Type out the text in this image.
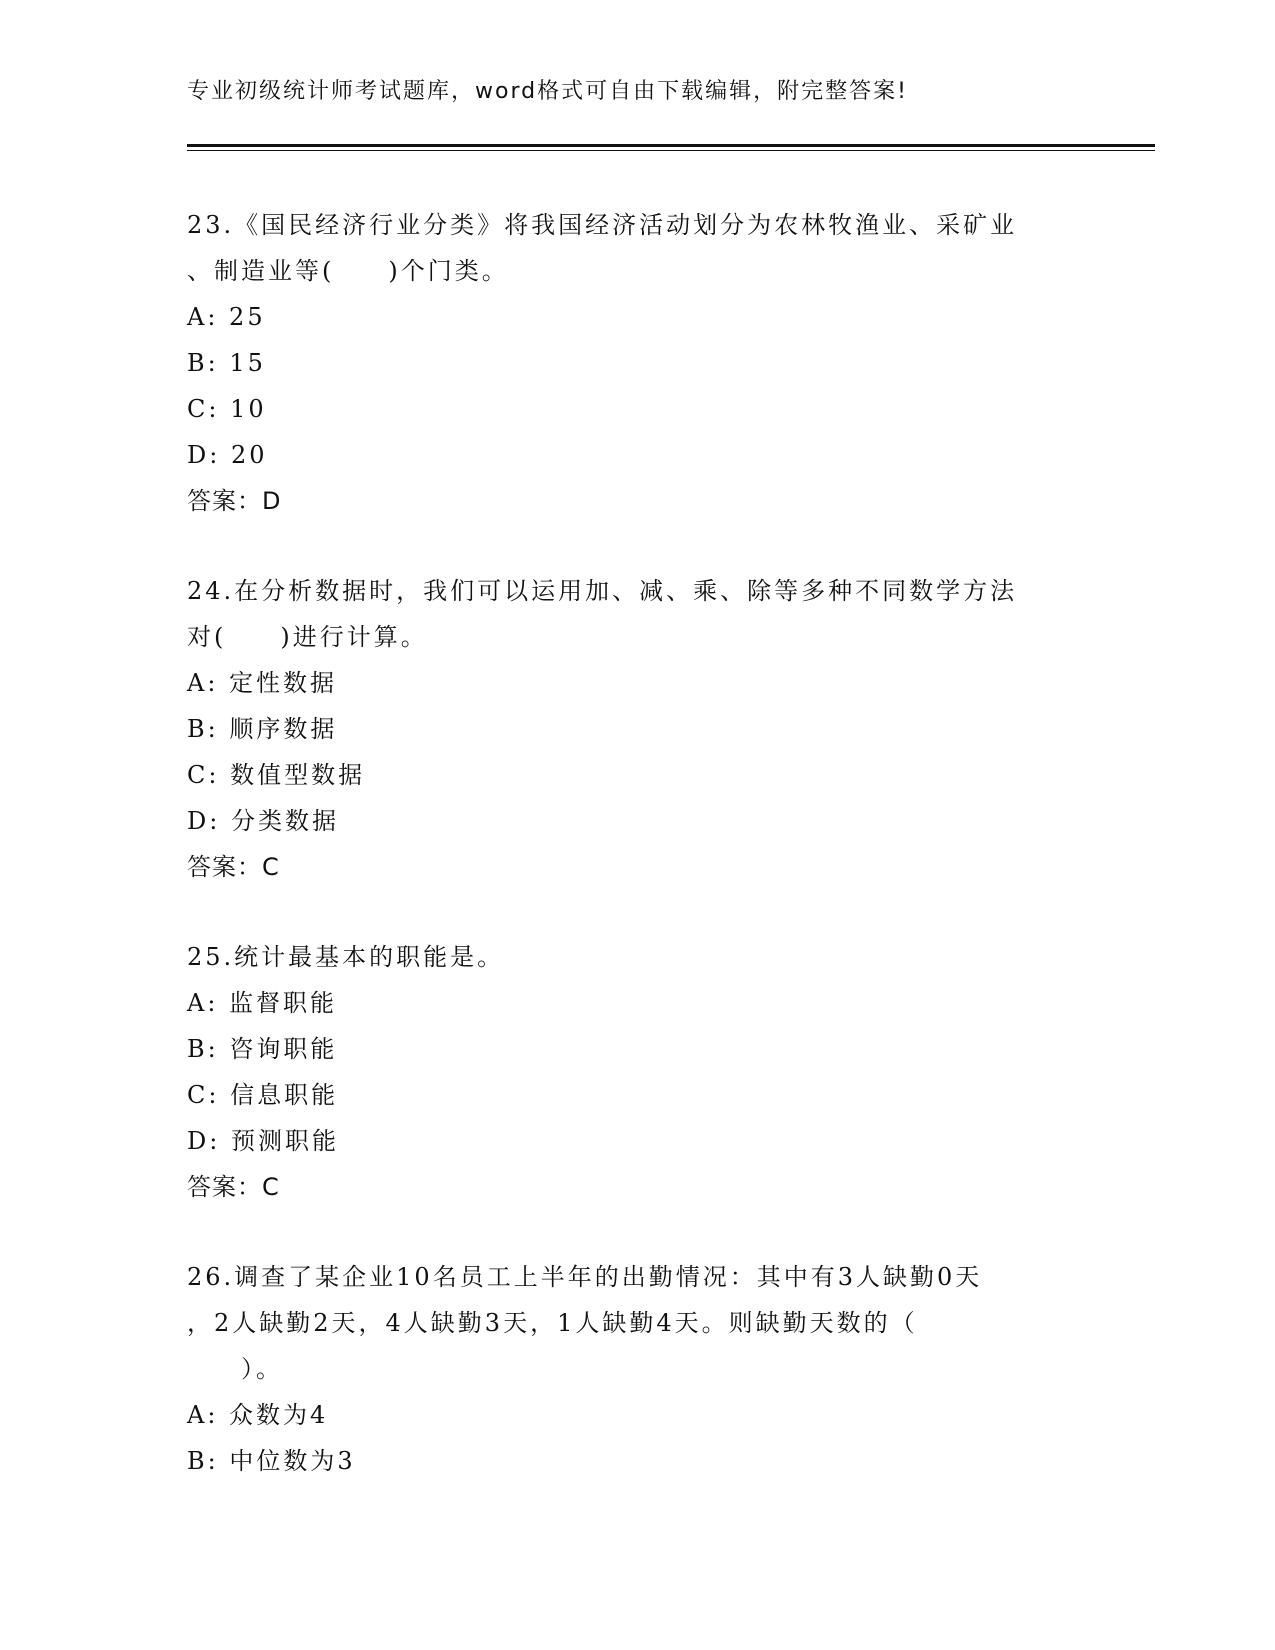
专业初级统计师考试题库，word格式可自由下载编辑，附完整答案!

23.《国民经济行业分类》将我国经济活动划分为农林牧渔业、采矿业
、制造业等(　　)个门类。

A: 25

B: 15

C: 10

D: 20

答案：D

24.在分析数据时，我们可以运用加、减、乘、除等多种不同数学方法
对(　　)进行计算。

A: 定性数据

B: 顺序数据

C: 数值型数据

D: 分类数据

答案：C

25.统计最基本的职能是。

A: 监督职能

B: 咨询职能

C: 信息职能

D: 预测职能

答案：C

26.调查了某企业10名员工上半年的出勤情况：其中有3人缺勤0天
，2人缺勤2天，4人缺勤3天，1人缺勤4天。则缺勤天数的（
　　）。

A: 众数为4

B: 中位数为3
